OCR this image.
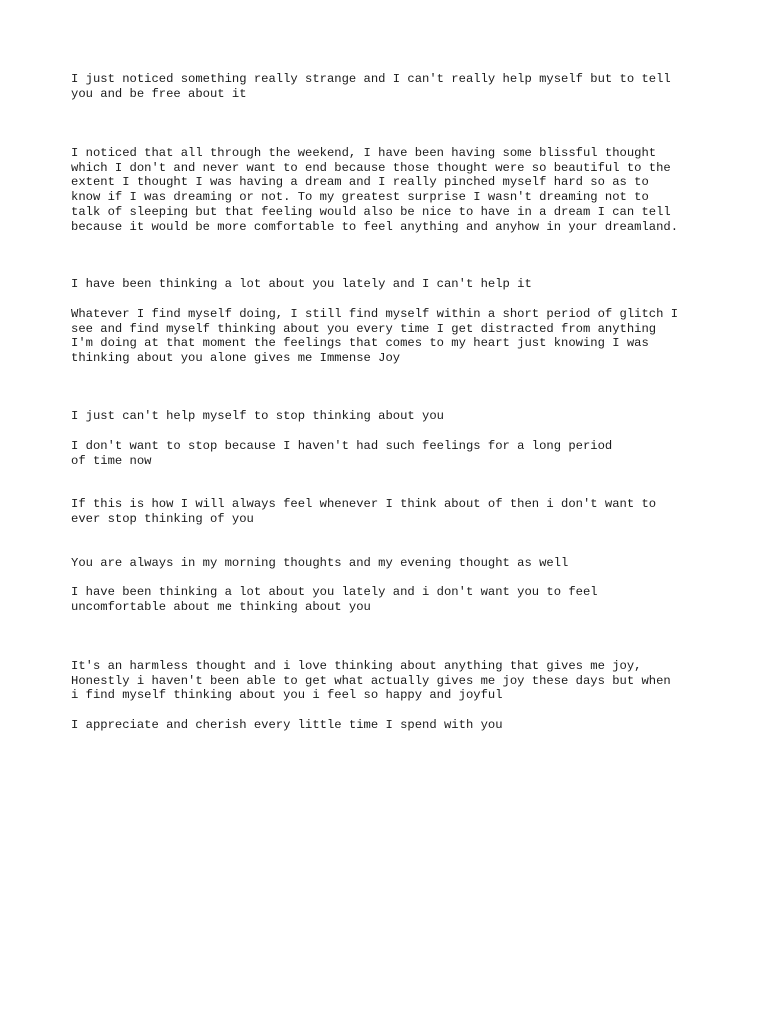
I just noticed something really strange and I can't really help myself but to tell
you and be free about it

I noticed that all through the weekend, I have been having some blissful thought
which I don't and never want to end because those thought were so beautiful to the
extent I thought I was having a dream and I really pinched myself hard so as to
know if I was dreaming or not. To my greatest surprise I wasn't dreaming not to
talk of sleeping but that feeling would also be nice to have in a dream I can tell
because it would be more comfortable to feel anything and anyhow in your dreamland.

I have been thinking a lot about you lately and I can't help it

Whatever I find myself doing, I still find myself within a short period of glitch I
see and find myself thinking about you every time I get distracted from anything
I'm doing at that moment the feelings that comes to my heart just knowing I was
thinking about you alone gives me Immense Joy

I just can't help myself to stop thinking about you

I don't want to stop because I haven't had such feelings for a long period
of time now

If this is how I will always feel whenever I think about of then i don't want to
ever stop thinking of you

You are always in my morning thoughts and my evening thought as well

I have been thinking a lot about you lately and i don't want you to feel
uncomfortable about me thinking about you

It's an harmless thought and i love thinking about anything that gives me joy,
Honestly i haven't been able to get what actually gives me joy these days but when
i find myself thinking about you i feel so happy and joyful

I appreciate and cherish every little time I spend with you
